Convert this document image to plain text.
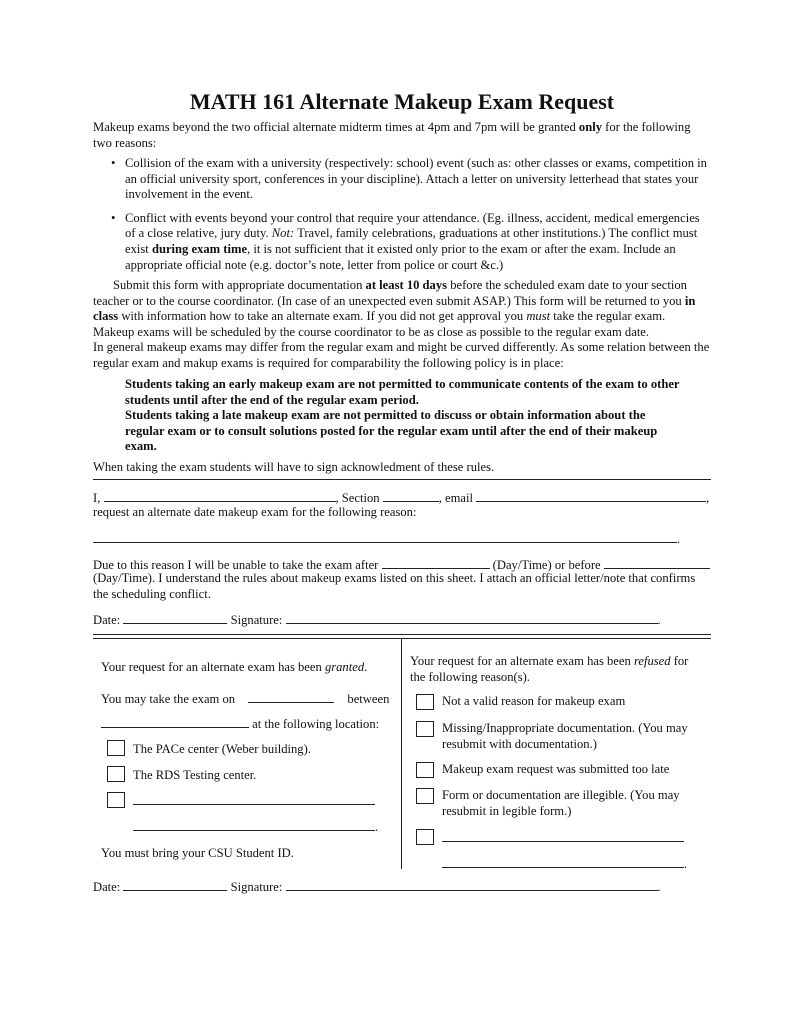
MATH 161 Alternate Makeup Exam Request

Makeup exams beyond the two official alternate midterm times at 4pm and 7pm will be granted only for the following two reasons:

• Collision of the exam with a university (respectively: school) event (such as: other classes or exams, competition in an official university sport, conferences in your discipline). Attach a letter on university letterhead that states your involvement in the event.
• Conflict with events beyond your control that require your attendance. (Eg. illness, accident, medical emergencies of a close relative, jury duty. Not: Travel, family celebrations, graduations at other institutions.) The conflict must exist during exam time, it is not sufficient that it existed only prior to the exam or after the exam. Include an appropriate official note (e.g. doctor’s note, letter from police or court &c.)

Submit this form with appropriate documentation at least 10 days before the scheduled exam date to your section teacher or to the course coordinator. (In case of an unexpected even submit ASAP.) This form will be returned to you in class with information how to take an alternate exam. If you did not get approval you must take the regular exam.

Makeup exams will be scheduled by the course coordinator to be as close as possible to the regular exam date.

In general makeup exams may differ from the regular exam and might be curved differently. As some relation between the regular exam and makup exams is required for comparability the following policy is in place:

Students taking an early makeup exam are not permitted to communicate contents of the exam to other students until after the end of the regular exam period.

Students taking a late makeup exam are not permitted to discuss or obtain information about the regular exam or to consult solutions posted for the regular exam until after the end of their makeup exam.

When taking the exam students will have to sign acknowledment of these rules.

I,	, Section	, email	,

request an alternate date makeup exam for the following reason:

.
Due to this reason I will be unable to take the exam after	(Day/Time) or before

(Day/Time). I understand the rules about makeup exams listed on this sheet. I attach an official letter/note that confirms the scheduling conflict.

Date:	Signature:	.

Your request for an alternate exam has been granted.

You may take the exam on	between
at the following location:
The PACe center (Weber building).
The RDS Testing center.
.

You must bring your CSU Student ID.

Your request for an alternate exam has been refused for the following reason(s).

Not a valid reason for makeup exam

Missing/Inappropriate documentation. (You may resubmit with documentation.)

Makeup exam request was submitted too late

Form or documentation are illegible. (You may resubmit in legible form.)

.
Date:	Signature:	.
